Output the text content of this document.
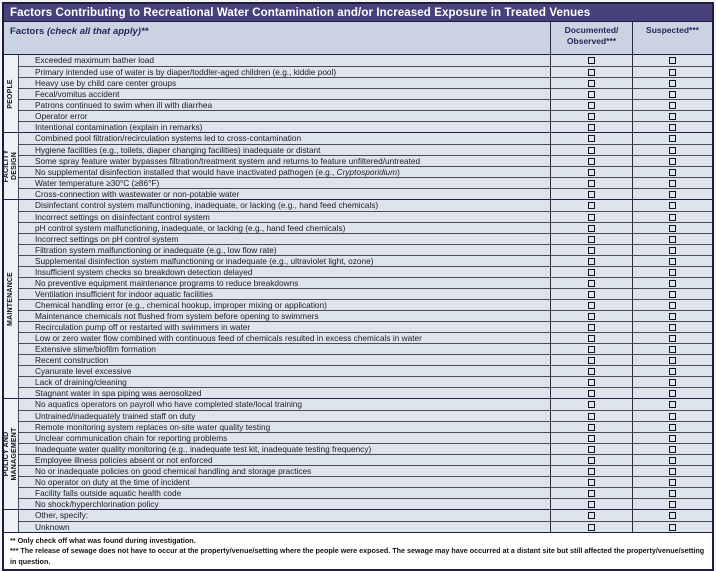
Factors Contributing to Recreational Water Contamination and/or Increased Exposure in Treated Venues
Factors (check all that apply)**	Documented/
Observed***
Suspected***
PEOPLE
Exceeded maximum bather load
Primary intended use of water is by diaper/toddler-aged children (e.g., kiddie pool)
Heavy use by child care center groups
Fecal/vomitus accident
Patrons continued to swim when ill with diarrhea
Operator error
Intentional contamination (explain in remarks)
FACILITY
DESIGN
Combined pool filtration/recirculation systems led to cross-contamination
Hygiene facilities (e.g., toilets, diaper changing facilities) inadequate or distant
Some spray feature water bypasses filtration/treatment system and returns to feature unfiltered/untreated
No supplemental disinfection installed that would have inactivated pathogen (e.g., Cryptosporidium)
Water temperature ≥30°C (≥86°F)
Cross-connection with wastewater or non-potable water
MAINTENANCE
Disinfectant control system malfunctioning, inadequate, or lacking (e.g., hand feed chemicals)
Incorrect settings on disinfectant control system
pH control system malfunctioning, inadequate, or lacking (e.g., hand feed chemicals)
Incorrect settings on pH control system
Filtration system malfunctioning or inadequate (e.g., low flow rate)
Supplemental disinfection system malfunctioning or inadequate (e.g., ultraviolet light, ozone)
Insufficient system checks so breakdown detection delayed
No preventive equipment maintenance programs to reduce breakdowns
Ventilation insufficient for indoor aquatic facilities
Chemical handling error (e.g., chemical hookup, improper mixing or application)
Maintenance chemicals not flushed from system before opening to swimmers
Recirculation pump off or restarted with swimmers in water
Low or zero water flow combined with continuous feed of chemicals resulted in excess chemicals in water
Extensive slime/biofilm formation
Recent construction
Cyanurate level excessive
Lack of draining/cleaning
Stagnant water in spa piping was aerosolized
POLICY AND
MANAGEMENT
No aquatics operators on payroll who have completed state/local training
Untrained/inadequately trained staff on duty
Remote monitoring system replaces on-site water quality testing
Unclear communication chain for reporting problems
Inadequate water quality monitoring (e.g., inadequate test kit, inadequate testing frequency)
Employee illness policies absent or not enforced
No or inadequate policies on good chemical handling and storage practices
No operator on duty at the time of incident
Facility falls outside aquatic health code
No shock/hyperchlorination policy
Other, specify:
Unknown
** Only check off what was found during investigation.
*** The release of sewage does not have to occur at the property/venue/setting where the people were exposed. The sewage may have occurred at a distant site but still affected the property/venue/setting in question.
